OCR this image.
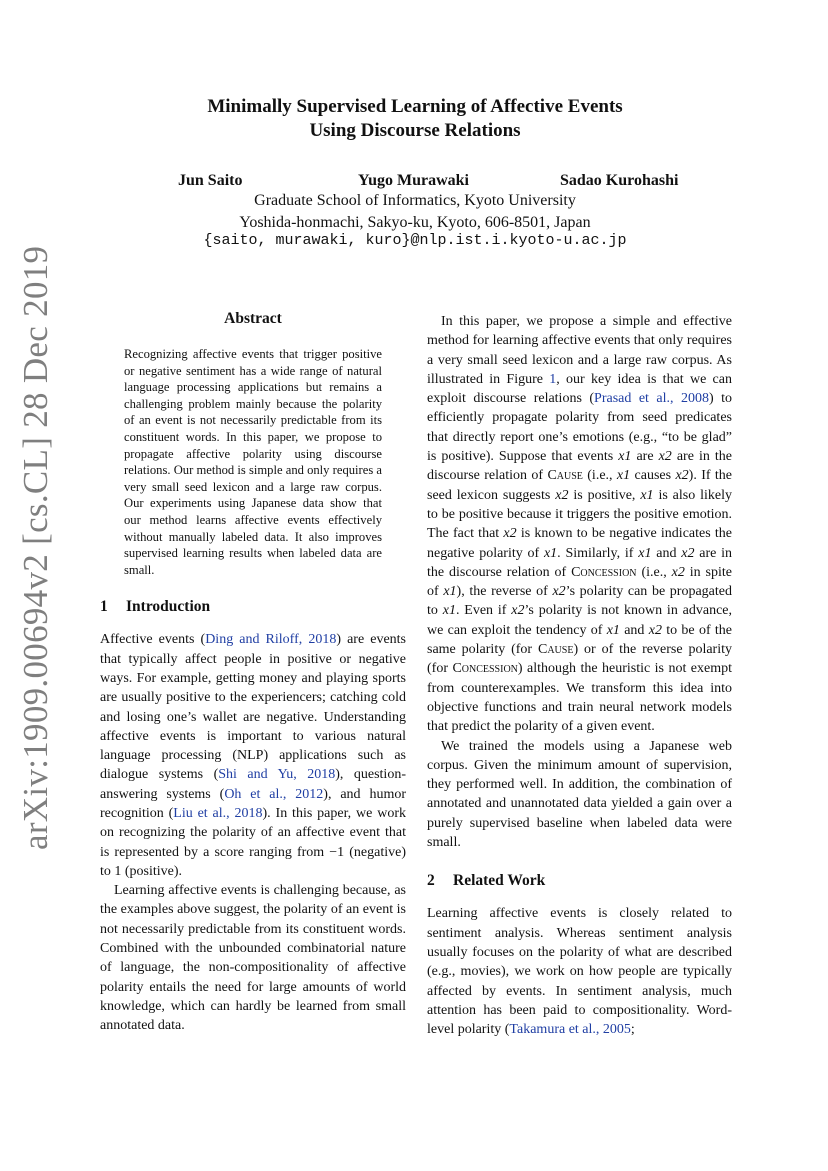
arXiv:1909.00694v2 [cs.CL] 28 Dec 2019
Minimally Supervised Learning of Affective Events
Using Discourse Relations
Jun Saito	Yugo Murawaki	Sadao Kurohashi
Graduate School of Informatics, Kyoto University
Yoshida-honmachi, Sakyo-ku, Kyoto, 606-8501, Japan
{saito, murawaki, kuro}@nlp.ist.i.kyoto-u.ac.jp
Abstract
Recognizing affective events that trigger positive or negative sentiment has a wide range of natural language processing applications but remains a challenging problem mainly because the polarity of an event is not necessarily predictable from its constituent words. In this paper, we propose to propagate affective polarity using discourse relations. Our method is simple and only requires a very small seed lexicon and a large raw corpus. Our experiments using Japanese data show that our method learns affective events effectively without manually labeled data. It also improves supervised learning results when labeled data are small.
1 Introduction

Affective events (Ding and Riloff, 2018) are events that typically affect people in positive or negative ways. For example, getting money and playing sports are usually positive to the experiencers; catching cold and losing one’s wallet are negative. Understanding affective events is important to various natural language processing (NLP) applications such as dialogue systems (Shi and Yu, 2018), question-answering systems (Oh et al., 2012), and humor recognition (Liu et al., 2018). In this paper, we work on recognizing the polarity of an affective event that is represented by a score ranging from −1 (negative) to 1 (positive).

Learning affective events is challenging because, as the examples above suggest, the polarity of an event is not necessarily predictable from its constituent words. Combined with the unbounded combinatorial nature of language, the non-compositionality of affective polarity entails the need for large amounts of world knowledge, which can hardly be learned from small annotated data.

In this paper, we propose a simple and effective method for learning affective events that only requires a very small seed lexicon and a large raw corpus. As illustrated in Figure 1, our key idea is that we can exploit discourse relations (Prasad et al., 2008) to efficiently propagate polarity from seed predicates that directly report one’s emotions (e.g., “to be glad” is positive). Suppose that events x1 are x2 are in the discourse relation of Cause (i.e., x1 causes x2). If the seed lexicon suggests x2 is positive, x1 is also likely to be positive because it triggers the positive emotion. The fact that x2 is known to be negative indicates the negative polarity of x1. Similarly, if x1 and x2 are in the discourse relation of Concession (i.e., x2 in spite of x1), the reverse of x2’s polarity can be propagated to x1. Even if x2’s polarity is not known in advance, we can exploit the tendency of x1 and x2 to be of the same polarity (for Cause) or of the reverse polarity (for Concession) although the heuristic is not exempt from counterexamples. We transform this idea into objective functions and train neural network models that predict the polarity of a given event.

We trained the models using a Japanese web corpus. Given the minimum amount of supervision, they performed well. In addition, the combination of annotated and unannotated data yielded a gain over a purely supervised baseline when labeled data were small.

2 Related Work

Learning affective events is closely related to sentiment analysis. Whereas sentiment analysis usually focuses on the polarity of what are described (e.g., movies), we work on how people are typically affected by events. In sentiment analysis, much attention has been paid to compositionality. Word-level polarity (Takamura et al., 2005;
